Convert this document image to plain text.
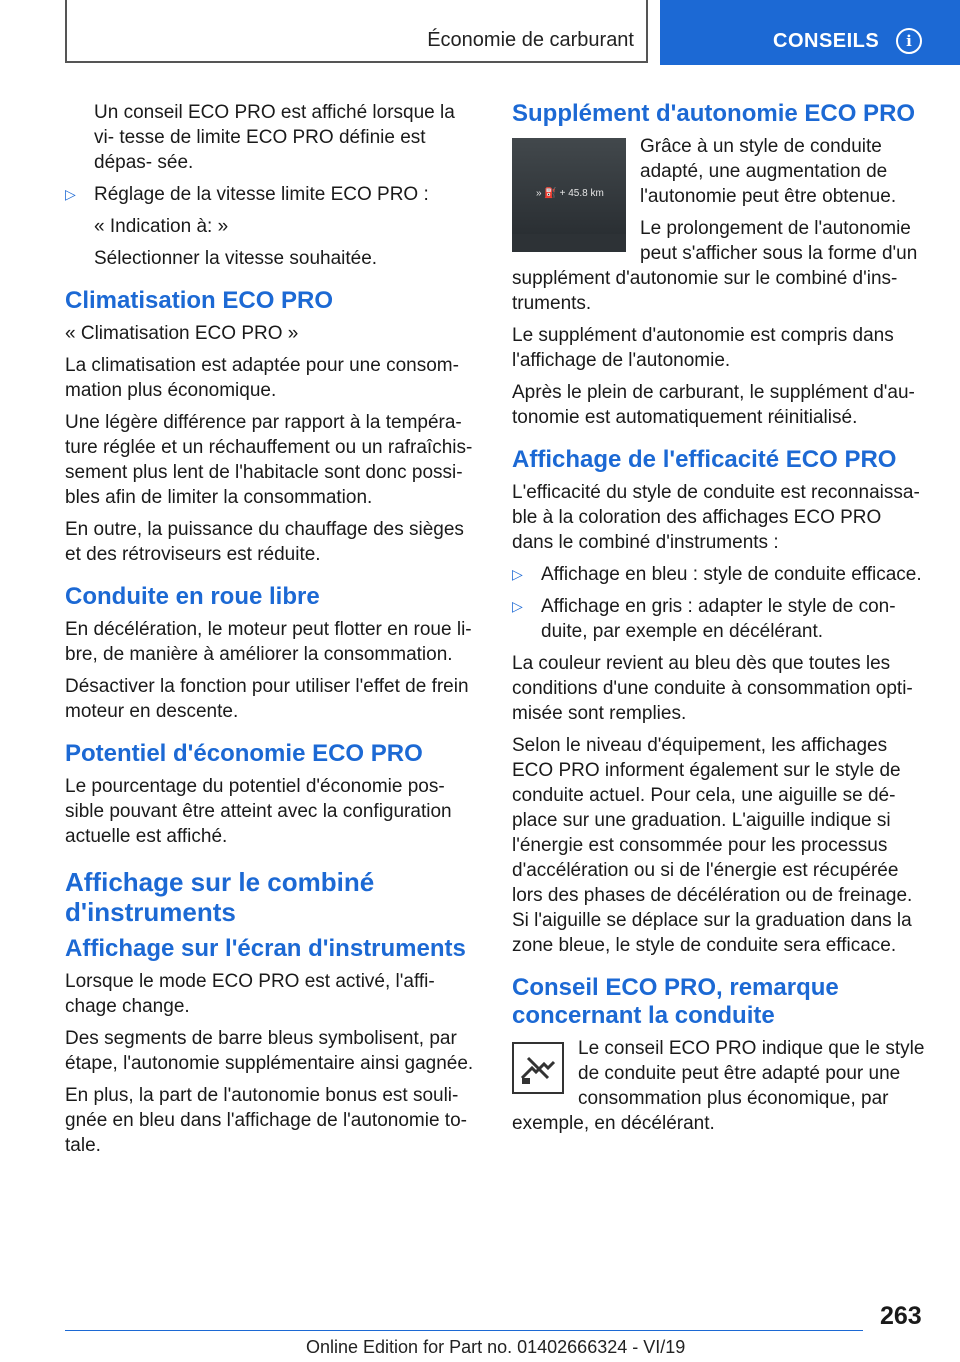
Économie de carburant	CONSEILS	i

Un conseil ECO PRO est affiché lorsque la vi‐ tesse de limite ECO PRO définie est dépas‐ sée.

▷ Réglage de la vitesse limite ECO PRO :

« Indication à: »

Sélectionner la vitesse souhaitée.

Climatisation ECO PRO

« Climatisation ECO PRO »

La climatisation est adaptée pour une consom‐ mation plus économique.

Une légère différence par rapport à la tempéra‐ ture réglée et un réchauffement ou un rafraîchis‐ sement plus lent de l'habitacle sont donc possi‐ bles afin de limiter la consommation.

En outre, la puissance du chauffage des sièges et des rétroviseurs est réduite.

Conduite en roue libre

En décélération, le moteur peut flotter en roue li‐ bre, de manière à améliorer la consommation.

Désactiver la fonction pour utiliser l'effet de frein moteur en descente.

Potentiel d'économie ECO PRO

Le pourcentage du potentiel d'économie pos‐ sible pouvant être atteint avec la configuration actuelle est affiché.

Affichage sur le combiné d'instruments
Affichage sur l'écran d'instruments

Lorsque le mode ECO PRO est activé, l'affi‐ chage change.

Des segments de barre bleus symbolisent, par étape, l'autonomie supplémentaire ainsi gagnée.

En plus, la part de l'autonomie bonus est souli‐ gnée en bleu dans l'affichage de l'autonomie to‐ tale.

Supplément d'autonomie ECO PRO
» ⛽ + 45.8 km

Grâce à un style de conduite adapté, une augmentation de l'autonomie peut être obtenue.

Le prolongement de l'autonomie peut s'afficher sous la forme d'un supplément d'autonomie sur le combiné d'ins‐ truments.

Le supplément d'autonomie est compris dans l'affichage de l'autonomie.

Après le plein de carburant, le supplément d'au‐ tonomie est automatiquement réinitialisé.

Affichage de l'efficacité ECO PRO

L'efficacité du style de conduite est reconnaissa‐ ble à la coloration des affichages ECO PRO dans le combiné d'instruments :

▷ Affichage en bleu : style de conduite efficace.
▷ Affichage en gris : adapter le style de con‐ duite, par exemple en décélérant.

La couleur revient au bleu dès que toutes les conditions d'une conduite à consommation opti‐ misée sont remplies.

Selon le niveau d'équipement, les affichages ECO PRO informent également sur le style de conduite actuel. Pour cela, une aiguille se dé‐ place sur une graduation. L'aiguille indique si l'énergie est consommée pour les processus d'accélération ou si de l'énergie est récupérée lors des phases de décélération ou de freinage. Si l'aiguille se déplace sur la graduation dans la zone bleue, le style de conduite sera efficace.

Conseil ECO PRO, remarque concernant la conduite

Le conseil ECO PRO indique que le style de conduite peut être adapté pour une consommation plus économique, par exemple, en décélérant.

263
Online Edition for Part no. 01402666324 - VI/19
